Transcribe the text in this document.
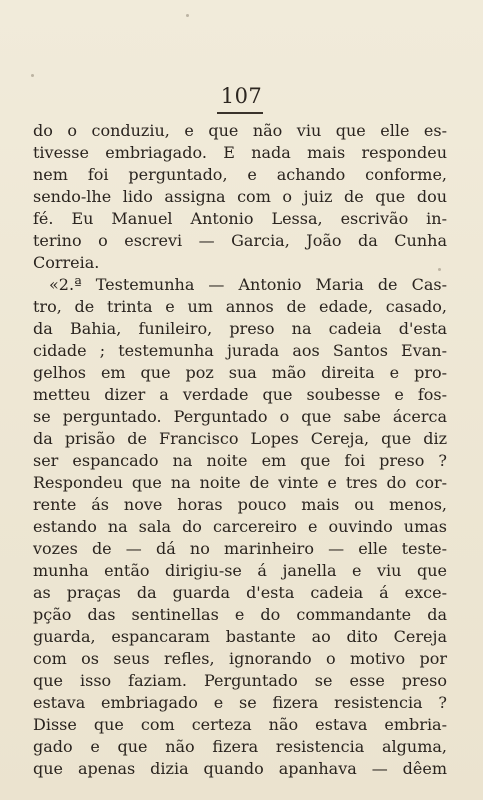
107
do o conduziu, e que não viu que elle es-
tivesse embriagado. E nada mais respondeu
nem foi perguntado, e achando conforme,
sendo-lhe lido assigna com o juiz de que dou
fé. Eu Manuel Antonio Lessa, escrivão in-
terino o escrevi — Garcia, João da Cunha
Correia.
«2.ª Testemunha — Antonio Maria de Cas-
tro, de trinta e um annos de edade, casado,
da Bahia, funileiro, preso na cadeia d'esta
cidade ; testemunha jurada aos Santos Evan-
gelhos em que poz sua mão direita e pro-
metteu dizer a verdade que soubesse e fos-
se perguntado. Perguntado o que sabe ácerca
da prisão de Francisco Lopes Cereja, que diz
ser espancado na noite em que foi preso ?
Respondeu que na noite de vinte e tres do cor-
rente ás nove horas pouco mais ou menos,
estando na sala do carcereiro e ouvindo umas
vozes de — dá no marinheiro — elle teste-
munha então dirigiu-se á janella e viu que
as praças da guarda d'esta cadeia á exce-
pção das sentinellas e do commandante da
guarda, espancaram bastante ao dito Cereja
com os seus refles, ignorando o motivo por
que isso faziam. Perguntado se esse preso
estava embriagado e se fizera resistencia ?
Disse que com certeza não estava embria-
gado e que não fizera resistencia alguma,
que apenas dizia quando apanhava — dêem
